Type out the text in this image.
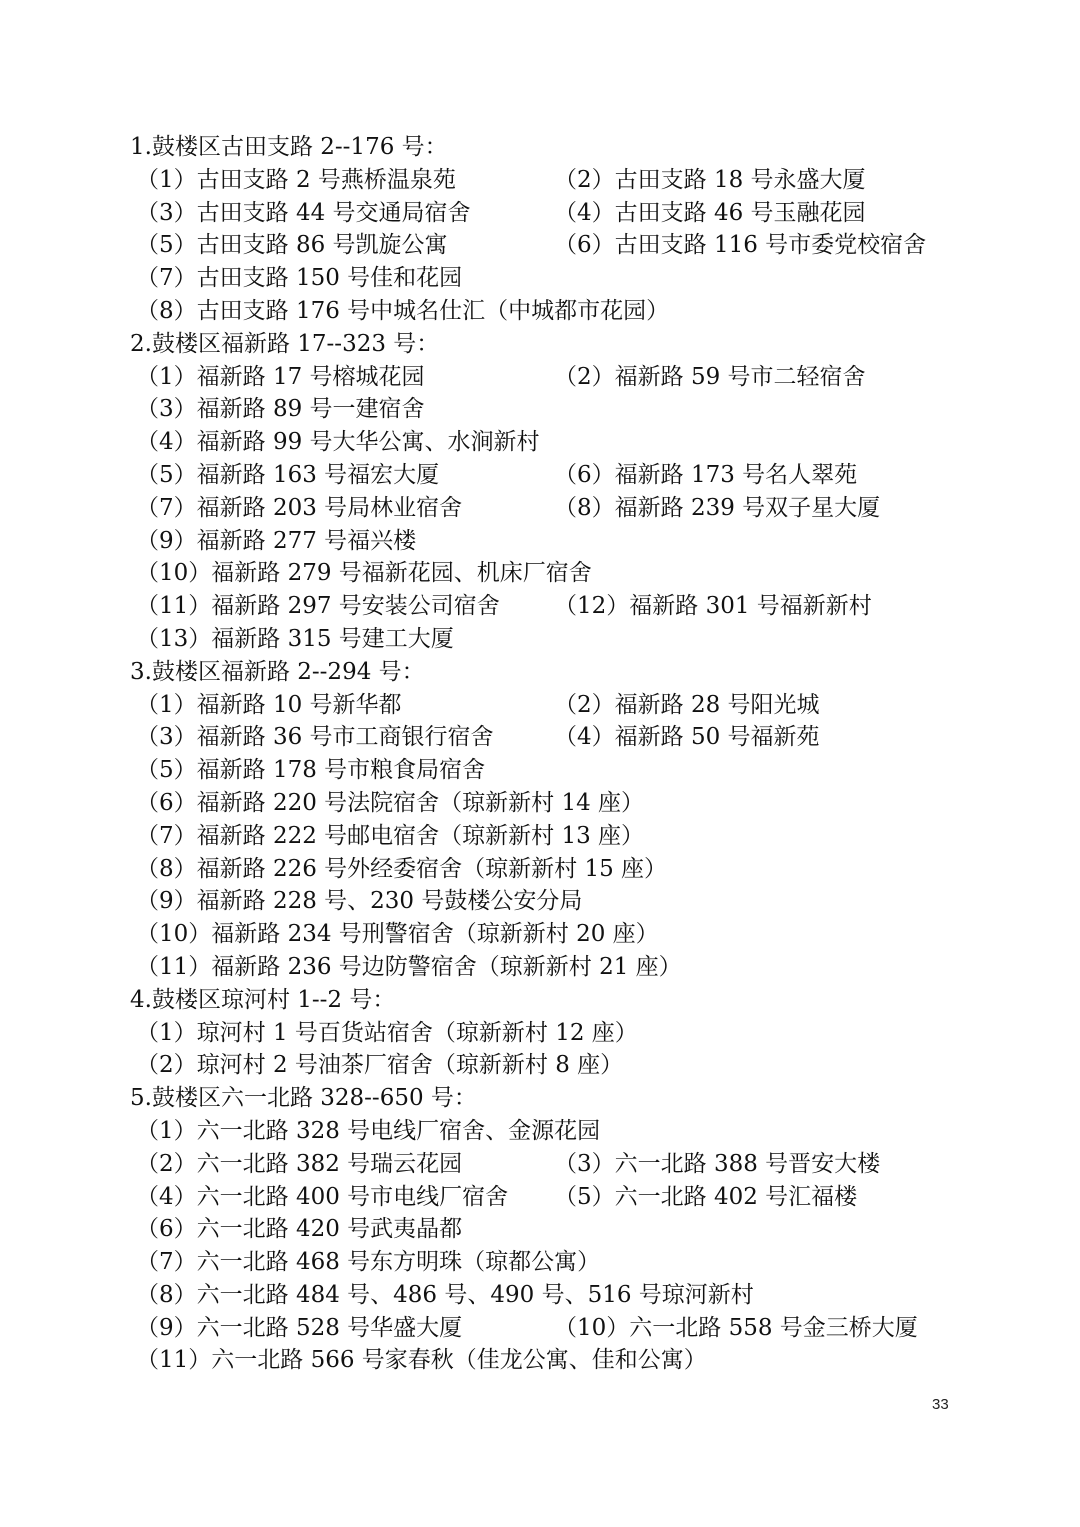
1.鼓楼区古田支路 2--176 号：
（1）古田支路 2 号燕桥温泉苑	（2）古田支路 18 号永盛大厦
（3）古田支路 44 号交通局宿舍	（4）古田支路 46 号玉融花园
（5）古田支路 86 号凯旋公寓	（6）古田支路 116 号市委党校宿舍
（7）古田支路 150 号佳和花园
（8）古田支路 176 号中城名仕汇（中城都市花园）
2.鼓楼区福新路 17--323 号：
（1）福新路 17 号榕城花园	（2）福新路 59 号市二轻宿舍
（3）福新路 89 号一建宿舍
（4）福新路 99 号大华公寓、水涧新村
（5）福新路 163 号福宏大厦	（6）福新路 173 号名人翠苑
（7）福新路 203 号局林业宿舍	（8）福新路 239 号双子星大厦
（9）福新路 277 号福兴楼
（10）福新路 279 号福新花园、机床厂宿舍
（11）福新路 297 号安装公司宿舍 （12）福新路 301 号福新新村
（13）福新路 315 号建工大厦
3.鼓楼区福新路 2--294 号：
（1）福新路 10 号新华都	（2）福新路 28 号阳光城
（3）福新路 36 号市工商银行宿舍	（4）福新路 50 号福新苑
（5）福新路 178 号市粮食局宿舍
（6）福新路 220 号法院宿舍（琼新新村 14 座）
（7）福新路 222 号邮电宿舍（琼新新村 13 座）
（8）福新路 226 号外经委宿舍（琼新新村 15 座）
（9）福新路 228 号、230 号鼓楼公安分局
（10）福新路 234 号刑警宿舍（琼新新村 20 座）
（11）福新路 236 号边防警宿舍（琼新新村 21 座）
4.鼓楼区琼河村 1--2 号：
（1）琼河村 1 号百货站宿舍（琼新新村 12 座）
（2）琼河村 2 号油茶厂宿舍（琼新新村 8 座）
5.鼓楼区六一北路 328--650 号：
（1）六一北路 328 号电线厂宿舍、金源花园
（2）六一北路 382 号瑞云花园	（3）六一北路 388 号晋安大楼
（4）六一北路 400 号市电线厂宿舍 （5）六一北路 402 号汇福楼
（6）六一北路 420 号武夷晶都
（7）六一北路 468 号东方明珠（琼都公寓）
（8）六一北路 484 号、486 号、490 号、516 号琼河新村
（9）六一北路 528 号华盛大厦	（10）六一北路 558 号金三桥大厦
（11）六一北路 566 号家春秋（佳龙公寓、佳和公寓）
33
